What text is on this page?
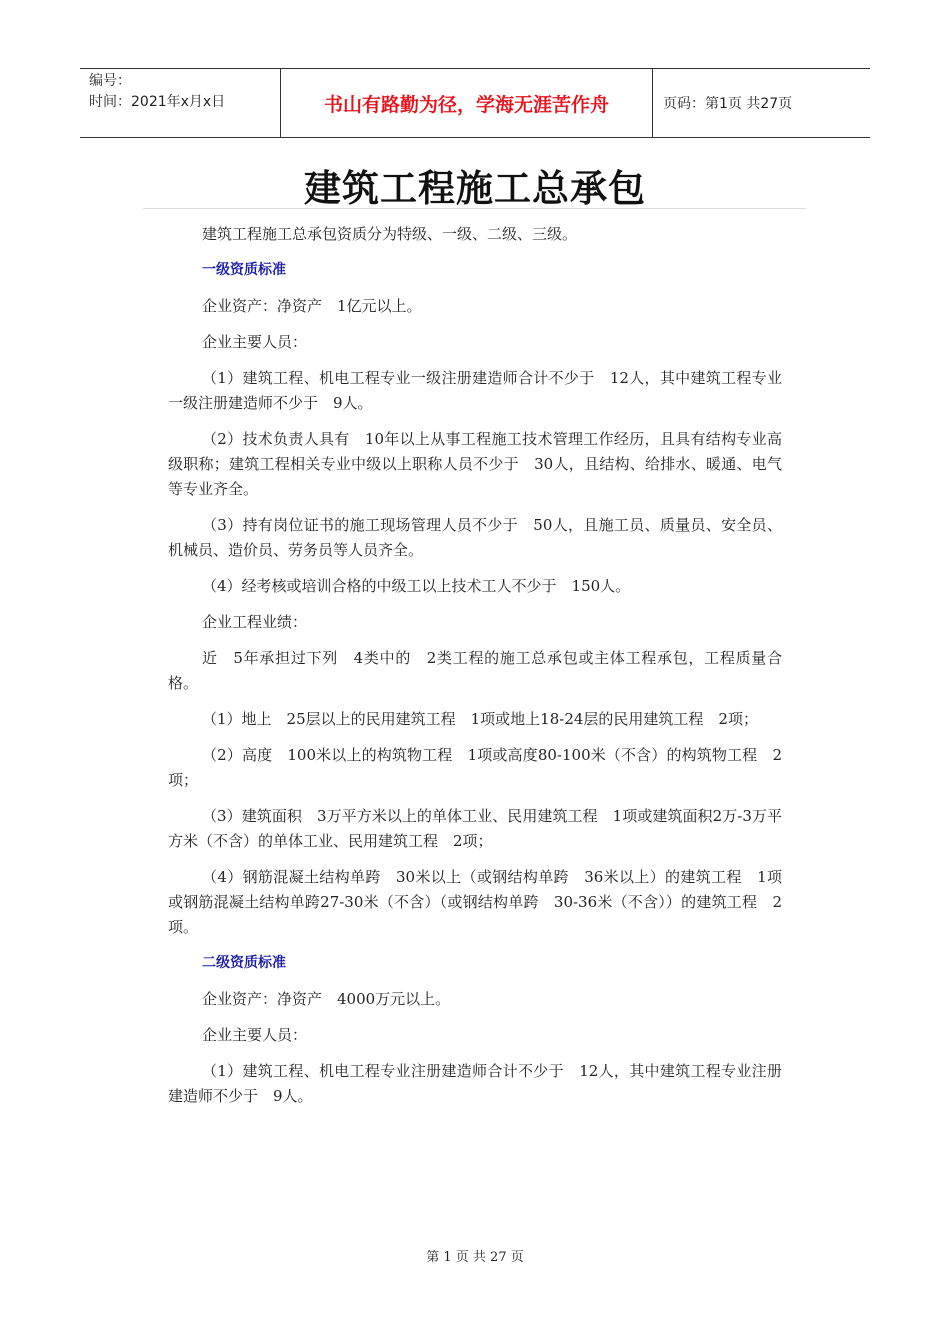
编号：
时间：2021年x月x日	书山有路勤为径，学海无涯苦作舟	页码：第1页 共27页
建筑工程施工总承包

建筑工程施工总承包资质分为特级、一级、二级、三级。

一级资质标准

企业资产：净资产　1亿元以上。

企业主要人员：

（1）建筑工程、机电工程专业一级注册建造师合计不少于　12人，其中建筑工程专业一级注册建造师不少于　9人。

（2）技术负责人具有　10年以上从事工程施工技术管理工作经历，且具有结构专业高级职称；建筑工程相关专业中级以上职称人员不少于　30人，且结构、给排水、暖通、电气等专业齐全。

（3）持有岗位证书的施工现场管理人员不少于　50人，且施工员、质量员、安全员、机械员、造价员、劳务员等人员齐全。

（4）经考核或培训合格的中级工以上技术工人不少于　150人。

企业工程业绩：

近　5年承担过下列　4类中的　2类工程的施工总承包或主体工程承包，工程质量合格。

（1）地上　25层以上的民用建筑工程　1项或地上18-24层的民用建筑工程　2项；

（2）高度　100米以上的构筑物工程　1项或高度80-100米（不含）的构筑物工程　2项；

（3）建筑面积　3万平方米以上的单体工业、民用建筑工程　1项或建筑面积2万-3万平方米（不含）的单体工业、民用建筑工程　2项；

（4）钢筋混凝土结构单跨　30米以上（或钢结构单跨　36米以上）的建筑工程　1项或钢筋混凝土结构单跨27-30米（不含）（或钢结构单跨　30-36米（不含））的建筑工程　2项。

二级资质标准

企业资产：净资产　4000万元以上。

企业主要人员：

（1）建筑工程、机电工程专业注册建造师合计不少于　12人，其中建筑工程专业注册建造师不少于　9人。

第 1 页 共 27 页
